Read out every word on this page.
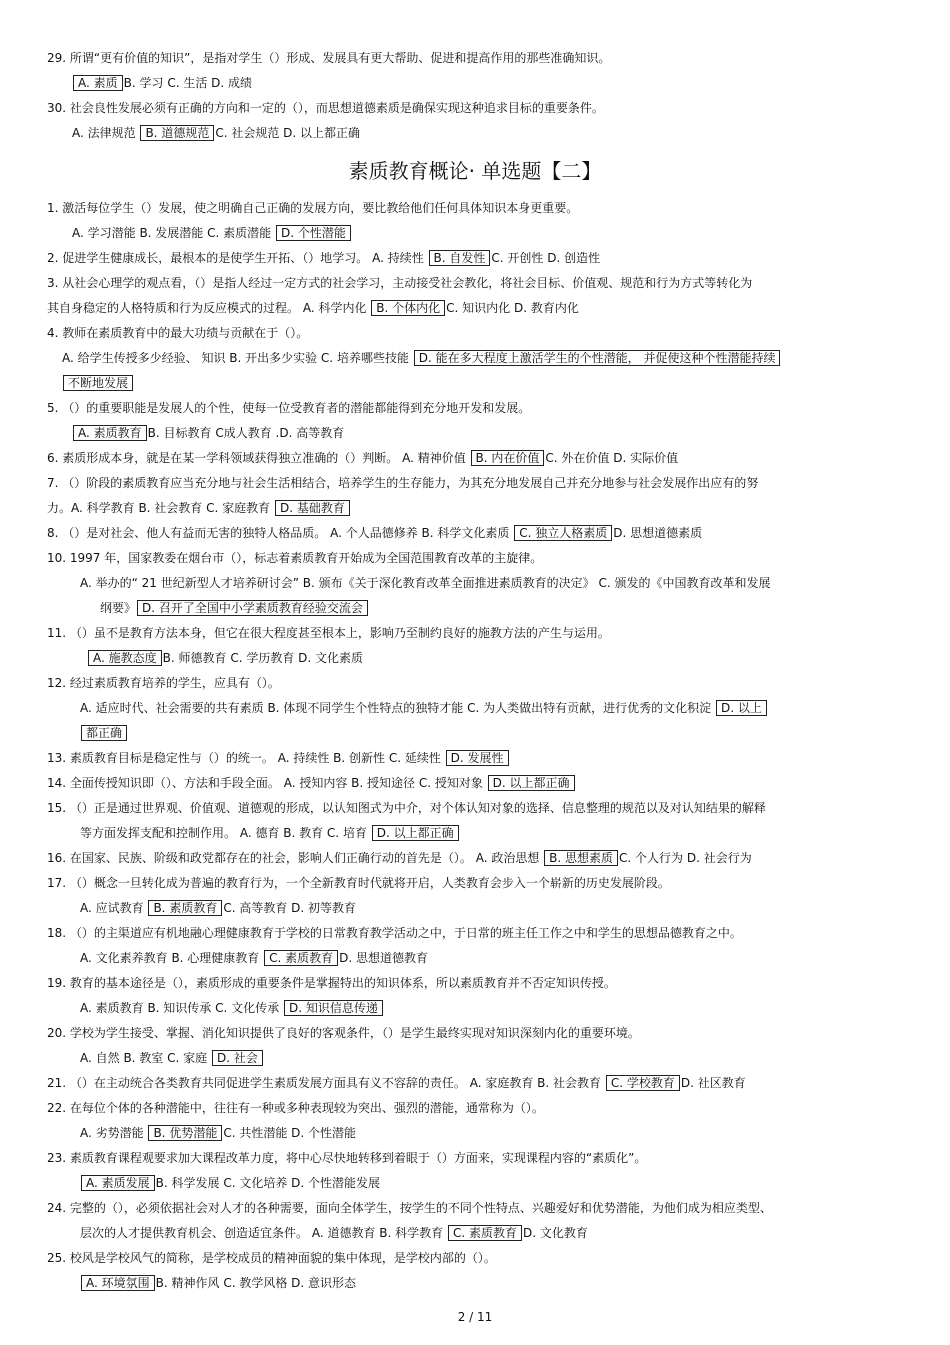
29. 所谓“更有价值的知识”，是指对学生（）形成、发展具有更大帮助、促进和提高作用的那些准确知识。
A. 素质 B. 学习 C. 生活 D. 成绩
30. 社会良性发展必须有正确的方向和一定的（），而思想道德素质是确保实现这种追求目标的重要条件。
A. 法律规范 B. 道德规范 C. 社会规范 D. 以上都正确
1. 激活每位学生（）发展，使之明确自己正确的发展方向，要比教给他们任何具体知识本身更重要。
A. 学习潜能 B. 发展潜能 C. 素质潜能 D. 个性潜能
2. 促进学生健康成长，最根本的是使学生开拓、（）地学习。 A. 持续性 B. 自发性 C. 开创性 D. 创造性
3. 从社会心理学的观点看，（）是指人经过一定方式的社会学习，主动接受社会教化，将社会目标、价值观、规范和行为方式等转化为
其自身稳定的人格特质和行为反应模式的过程。 A. 科学内化 B. 个体内化 C. 知识内化 D. 教育内化
4. 教师在素质教育中的最大功绩与贡献在于（）。
A. 给学生传授多少经验、 知识 B. 开出多少实验 C. 培养哪些技能 D. 能在多大程度上激活学生的个性潜能， 并促使这种个性潜能持续
不断地发展
5. （）的重要职能是发展人的个性，使每一位受教育者的潜能都能得到充分地开发和发展。
A. 素质教育 B. 目标教育 C成人教育 .D. 高等教育
6. 素质形成本身，就是在某一学科领域获得独立准确的（）判断。 A. 精神价值 B. 内在价值 C. 外在价值 D. 实际价值
7. （）阶段的素质教育应当充分地与社会生活相结合，培养学生的生存能力，为其充分地发展自己并充分地参与社会发展作出应有的努
力。A. 科学教育 B. 社会教育 C. 家庭教育 D. 基础教育
8. （）是对社会、他人有益而无害的独特人格品质。 A. 个人品德修养 B. 科学文化素质 C. 独立人格素质 D. 思想道德素质
10. 1997 年，国家教委在烟台市（），标志着素质教育开始成为全国范围教育改革的主旋律。
A. 举办的“ 21 世纪新型人才培养研讨会” B. 颁布《关于深化教育改革全面推进素质教育的决定》 C. 颁发的《中国教育改革和发展
纲要》 D. 召开了全国中小学素质教育经验交流会
11. （）虽不是教育方法本身，但它在很大程度甚至根本上，影响乃至制约良好的施教方法的产生与运用。
A. 施教态度 B. 师德教育 C. 学历教育 D. 文化素质
12. 经过素质教育培养的学生，应具有（）。
A. 适应时代、社会需要的共有素质 B. 体现不同学生个性特点的独特才能 C. 为人类做出特有贡献，进行优秀的文化积淀 D. 以上
都正确
13. 素质教育目标是稳定性与（）的统一。 A. 持续性 B. 创新性 C. 延续性 D. 发展性
14. 全面传授知识即（）、方法和手段全面。 A. 授知内容 B. 授知途径 C. 授知对象 D. 以上都正确
15. （）正是通过世界观、价值观、道德观的形成，以认知图式为中介，对个体认知对象的选择、信息整理的规范以及对认知结果的解释
等方面发挥支配和控制作用。 A. 德育 B. 教育 C. 培育 D. 以上都正确
16. 在国家、民族、阶级和政党都存在的社会，影响人们正确行动的首先是（）。 A. 政治思想 B. 思想素质 C. 个人行为 D. 社会行为
17. （）概念一旦转化成为普遍的教育行为，一个全新教育时代就将开启，人类教育会步入一个崭新的历史发展阶段。
A. 应试教育 B. 素质教育 C. 高等教育 D. 初等教育
18. （）的主渠道应有机地融心理健康教育于学校的日常教育教学活动之中，于日常的班主任工作之中和学生的思想品德教育之中。
A. 文化素养教育 B. 心理健康教育 C. 素质教育 D. 思想道德教育
19. 教育的基本途径是（），素质形成的重要条件是掌握特出的知识体系，所以素质教育并不否定知识传授。
A. 素质教育 B. 知识传承 C. 文化传承 D. 知识信息传递
20. 学校为学生接受、掌握、消化知识提供了良好的客观条件，（）是学生最终实现对知识深刻内化的重要环境。
A. 自然 B. 教室 C. 家庭 D. 社会
21. （）在主动统合各类教育共同促进学生素质发展方面具有义不容辞的责任。 A. 家庭教育 B. 社会教育 C. 学校教育 D. 社区教育
22. 在每位个体的各种潜能中，往往有一种或多种表现较为突出、强烈的潜能，通常称为（）。
A. 劣势潜能 B. 优势潜能 C. 共性潜能 D. 个性潜能
23. 素质教育课程观要求加大课程改革力度，将中心尽快地转移到着眼于（）方面来，实现课程内容的“素质化”。
A. 素质发展 B. 科学发展 C. 文化培养 D. 个性潜能发展
24. 完整的（），必须依据社会对人才的各种需要，面向全体学生，按学生的不同个性特点、兴趣爱好和优势潜能，为他们成为相应类型、
层次的人才提供教育机会、创造适宜条件。 A. 道德教育 B. 科学教育 C. 素质教育 D. 文化教育
25. 校风是学校风气的简称，是学校成员的精神面貌的集中体现，是学校内部的（）。
A. 环境氛围 B. 精神作风 C. 教学风格 D. 意识形态
素质教育概论· 单选题【二】
2 / 11
